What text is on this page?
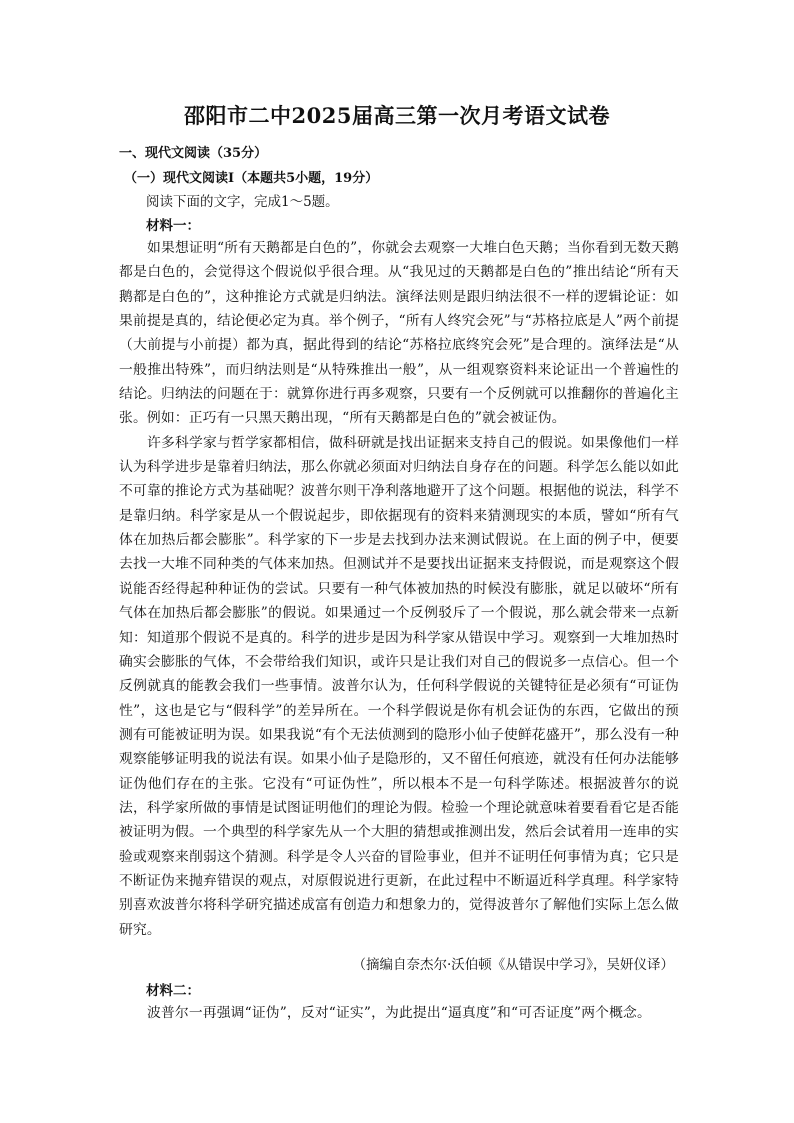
邵阳市二中2025届高三第一次月考语文试卷
一、现代文阅读（35分）
（一）现代文阅读Ⅰ（本题共5小题，19分）
阅读下面的文字，完成1～5题。
材料一：

如果想证明“所有天鹅都是白色的”，你就会去观察一大堆白色天鹅；当你看到无数天鹅都是白色的，会觉得这个假说似乎很合理。从“我见过的天鹅都是白色的”推出结论“所有天鹅都是白色的”，这种推论方式就是归纳法。演绎法则是跟归纳法很不一样的逻辑论证：如果前提是真的，结论便必定为真。举个例子，“所有人终究会死”与“苏格拉底是人”两个前提（大前提与小前提）都为真，据此得到的结论“苏格拉底终究会死”是合理的。演绎法是“从一般推出特殊”，而归纳法则是“从特殊推出一般”，从一组观察资料来论证出一个普遍性的结论。归纳法的问题在于：就算你进行再多观察，只要有一个反例就可以推翻你的普遍化主张。例如：正巧有一只黑天鹅出现，“所有天鹅都是白色的”就会被证伪。

许多科学家与哲学家都相信，做科研就是找出证据来支持自己的假说。如果像他们一样认为科学进步是靠着归纳法，那么你就必须面对归纳法自身存在的问题。科学怎么能以如此不可靠的推论方式为基础呢？波普尔则干净利落地避开了这个问题。根据他的说法，科学不是靠归纳。科学家是从一个假说起步，即依据现有的资料来猜测现实的本质，譬如“所有气体在加热后都会膨胀”。科学家的下一步是去找到办法来测试假说。在上面的例子中，便要去找一大堆不同种类的气体来加热。但测试并不是要找出证据来支持假说，而是观察这个假说能否经得起种种证伪的尝试。只要有一种气体被加热的时候没有膨胀，就足以破坏“所有气体在加热后都会膨胀”的假说。如果通过一个反例驳斥了一个假说，那么就会带来一点新知：知道那个假说不是真的。科学的进步是因为科学家从错误中学习。观察到一大堆加热时确实会膨胀的气体，不会带给我们知识，或许只是让我们对自己的假说多一点信心。但一个反例就真的能教会我们一些事情。波普尔认为，任何科学假说的关键特征是必须有“可证伪性”，这也是它与“假科学”的差异所在。一个科学假说是你有机会证伪的东西，它做出的预测有可能被证明为误。如果我说“有个无法侦测到的隐形小仙子使鲜花盛开”，那么没有一种观察能够证明我的说法有误。如果小仙子是隐形的，又不留任何痕迹，就没有任何办法能够证伪他们存在的主张。它没有“可证伪性”，所以根本不是一句科学陈述。根据波普尔的说法，科学家所做的事情是试图证明他们的理论为假。检验一个理论就意味着要看看它是否能被证明为假。一个典型的科学家先从一个大胆的猜想或推测出发，然后会试着用一连串的实验或观察来削弱这个猜测。科学是令人兴奋的冒险事业，但并不证明任何事情为真；它只是不断证伪来抛弃错误的观点，对原假说进行更新，在此过程中不断逼近科学真理。科学家特别喜欢波普尔将科学研究描述成富有创造力和想象力的，觉得波普尔了解他们实际上怎么做研究。

（摘编自奈杰尔·沃伯顿《从错误中学习》，吴妍仪译）
材料二：

波普尔一再强调“证伪”，反对“证实”，为此提出“逼真度”和“可否证度”两个概念。
